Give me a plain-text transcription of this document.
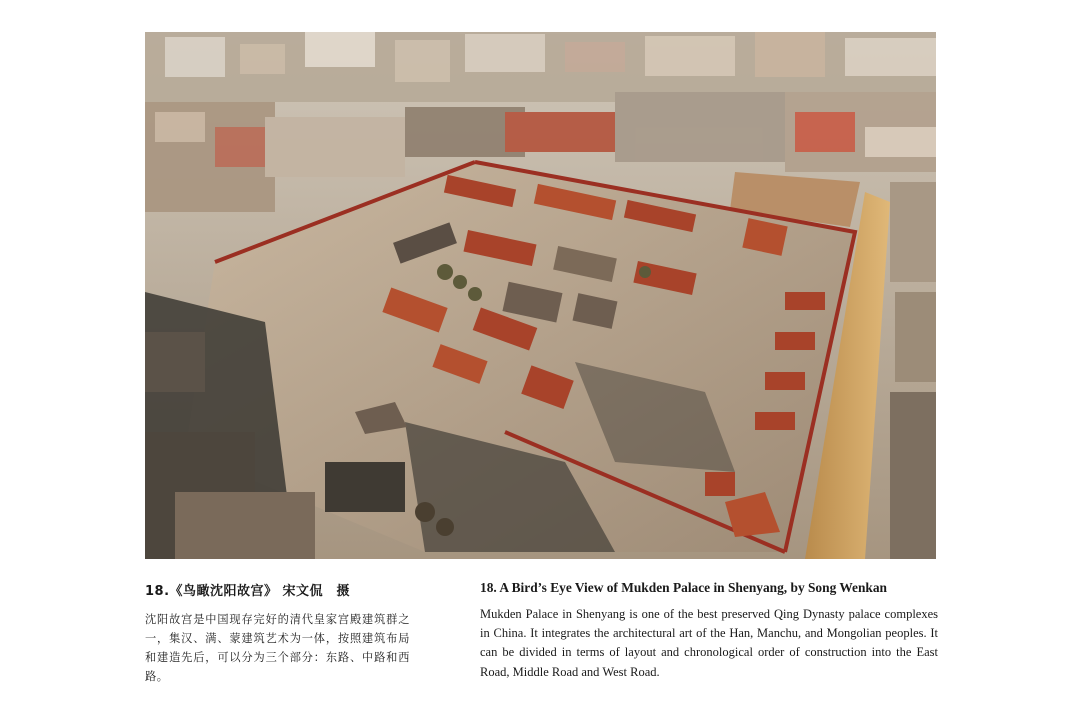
18.《鸟瞰沈阳故宫》 宋文侃　摄

沈阳故宫是中国现存完好的清代皇家宫殿建筑群之一，集汉、满、蒙建筑艺术为一体，按照建筑布局和建造先后，可以分为三个部分：东路、中路和西路。

18. A Bird’s Eye View of Mukden Palace in Shenyang, by Song Wenkan

Mukden Palace in Shenyang is one of the best preserved Qing Dynasty palace complexes in China. It integrates the architectural art of the Han, Manchu, and Mongolian peoples. It can be divided in terms of layout and chronological order of construction into the East Road, Middle Road and West Road.
